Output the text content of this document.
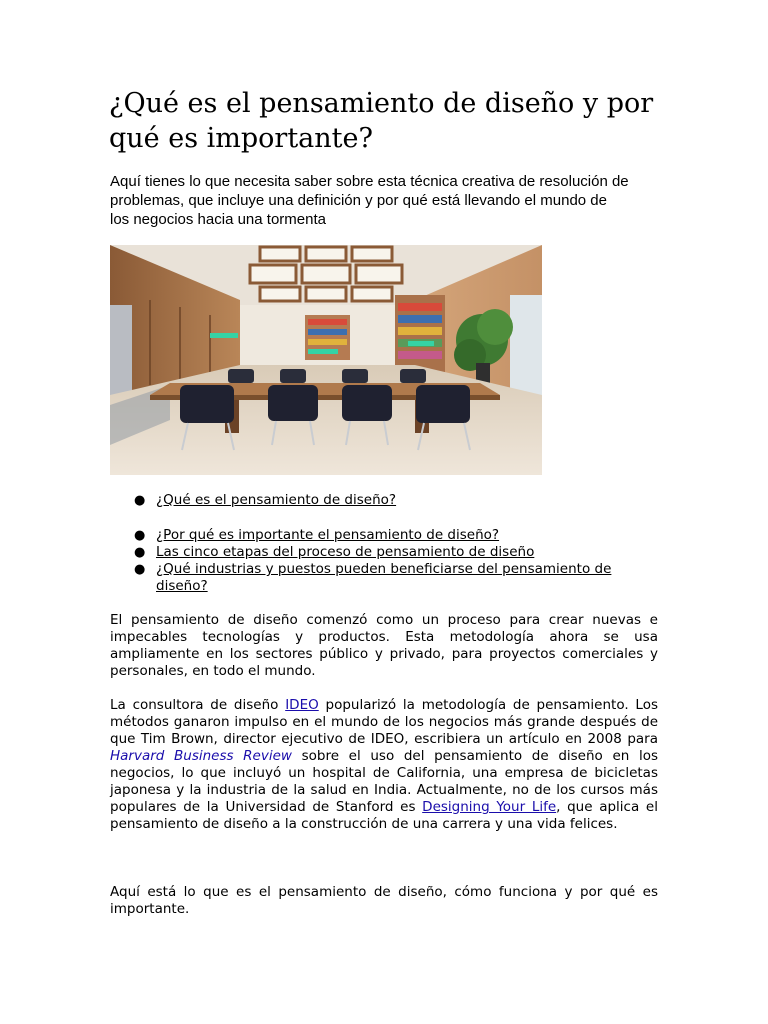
¿Qué es el pensamiento de diseño y por qué es importante?

Aquí tienes lo que necesita saber sobre esta técnica creativa de resolución de problemas, que incluye una definición y por qué está llevando el mundo de los negocios hacia una tormenta

● ¿Qué es el pensamiento de diseño?
● ¿Por qué es importante el pensamiento de diseño?
● Las cinco etapas del proceso de pensamiento de diseño
● ¿Qué industrias y puestos pueden beneficiarse del pensamiento de diseño?

El pensamiento de diseño comenzó como un proceso para crear nuevas e impecables tecnologías y productos. Esta metodología ahora se usa ampliamente en los sectores público y privado, para proyectos comerciales y personales, en todo el mundo.

La consultora de diseño IDEO popularizó la metodología de pensamiento. Los métodos ganaron impulso en el mundo de los negocios más grande después de que Tim Brown, director ejecutivo de IDEO, escribiera un artículo en 2008 para Harvard Business Review sobre el uso del pensamiento de diseño en los negocios, lo que incluyó un hospital de California, una empresa de bicicletas japonesa y la industria de la salud en India. Actualmente, no de los cursos más populares de la Universidad de Stanford es Designing Your Life, que aplica el pensamiento de diseño a la construcción de una carrera y una vida felices.

Aquí está lo que es el pensamiento de diseño, cómo funciona y por qué es importante.
